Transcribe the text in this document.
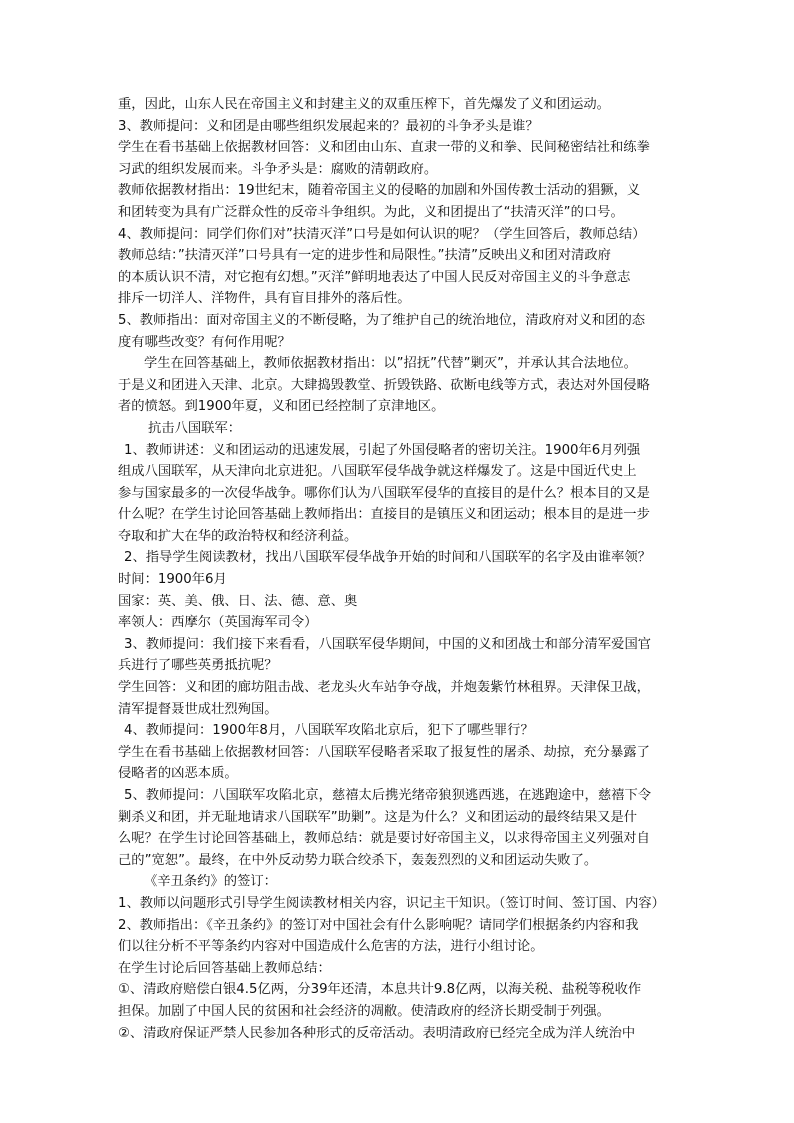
重，因此，山东人民在帝国主义和封建主义的双重压榨下，首先爆发了义和团运动。
3、教师提问：义和团是由哪些组织发展起来的？最初的斗争矛头是谁？
学生在看书基础上依据教材回答：义和团由山东、直隶一带的义和拳、民间秘密结社和练拳
习武的组织发展而来。斗争矛头是：腐败的清朝政府。
教师依据教材指出：19世纪末，随着帝国主义的侵略的加剧和外国传教士活动的猖獗，义
和团转变为具有广泛群众性的反帝斗争组织。为此，义和团提出了“扶清灭洋”的口号。
4、教师提问：同学们你们对”扶清灭洋”口号是如何认识的呢？（学生回答后，教师总结）
教师总结：”扶清灭洋”口号具有一定的进步性和局限性。”扶清”反映出义和团对清政府
的本质认识不清，对它抱有幻想。”灭洋”鲜明地表达了中国人民反对帝国主义的斗争意志
排斥一切洋人、洋物件，具有盲目排外的落后性。
5、教师指出：面对帝国主义的不断侵略，为了维护自己的统治地位，清政府对义和团的态
度有哪些改变？有何作用呢？
学生在回答基础上，教师依据教材指出：以”招抚”代替”剿灭”，并承认其合法地位。
于是义和团进入天津、北京。大肆捣毁教堂、折毁铁路、砍断电线等方式，表达对外国侵略
者的愤怒。到1900年夏，义和团已经控制了京津地区。
抗击八国联军：
1、教师讲述：义和团运动的迅速发展，引起了外国侵略者的密切关注。1900年6月列强
组成八国联军，从天津向北京进犯。八国联军侵华战争就这样爆发了。这是中国近代史上
参与国家最多的一次侵华战争。哪你们认为八国联军侵华的直接目的是什么？根本目的又是
什么呢？在学生讨论回答基础上教师指出：直接目的是镇压义和团运动；根本目的是进一步
夺取和扩大在华的政治特权和经济利益。
2、指导学生阅读教材，找出八国联军侵华战争开始的时间和八国联军的名字及由谁率领？
时间：1900年6月
国家：英、美、俄、日、法、德、意、奥
率领人：西摩尔（英国海军司令）
3、教师提问：我们接下来看看，八国联军侵华期间，中国的义和团战士和部分清军爱国官
兵进行了哪些英勇抵抗呢？
学生回答：义和团的廊坊阻击战、老龙头火车站争夺战，并炮轰紫竹林租界。天津保卫战，
清军提督聂世成壮烈殉国。
4、教师提问：1900年8月，八国联军攻陷北京后，犯下了哪些罪行？
学生在看书基础上依据教材回答：八国联军侵略者采取了报复性的屠杀、劫掠，充分暴露了
侵略者的凶恶本质。
5、教师提问：八国联军攻陷北京，慈禧太后携光绪帝狼狈逃西逃，在逃跑途中，慈禧下令
剿杀义和团，并无耻地请求八国联军”助剿”。这是为什么？义和团运动的最终结果又是什
么呢？在学生讨论回答基础上，教师总结：就是要讨好帝国主义，以求得帝国主义列强对自
己的”宽恕”。最终，在中外反动势力联合绞杀下，轰轰烈烈的义和团运动失败了。
《辛丑条约》的签订：
1、教师以问题形式引导学生阅读教材相关内容，识记主干知识。（签订时间、签订国、内容）
2、教师指出：《辛丑条约》的签订对中国社会有什么影响呢？请同学们根据条约内容和我
们以往分析不平等条约内容对中国造成什么危害的方法，进行小组讨论。
在学生讨论后回答基础上教师总结：
①、清政府赔偿白银4.5亿两，分39年还清，本息共计9.8亿两，以海关税、盐税等税收作
担保。加剧了中国人民的贫困和社会经济的凋敝。使清政府的经济长期受制于列强。
②、清政府保证严禁人民参加各种形式的反帝活动。表明清政府已经完全成为洋人统治中
